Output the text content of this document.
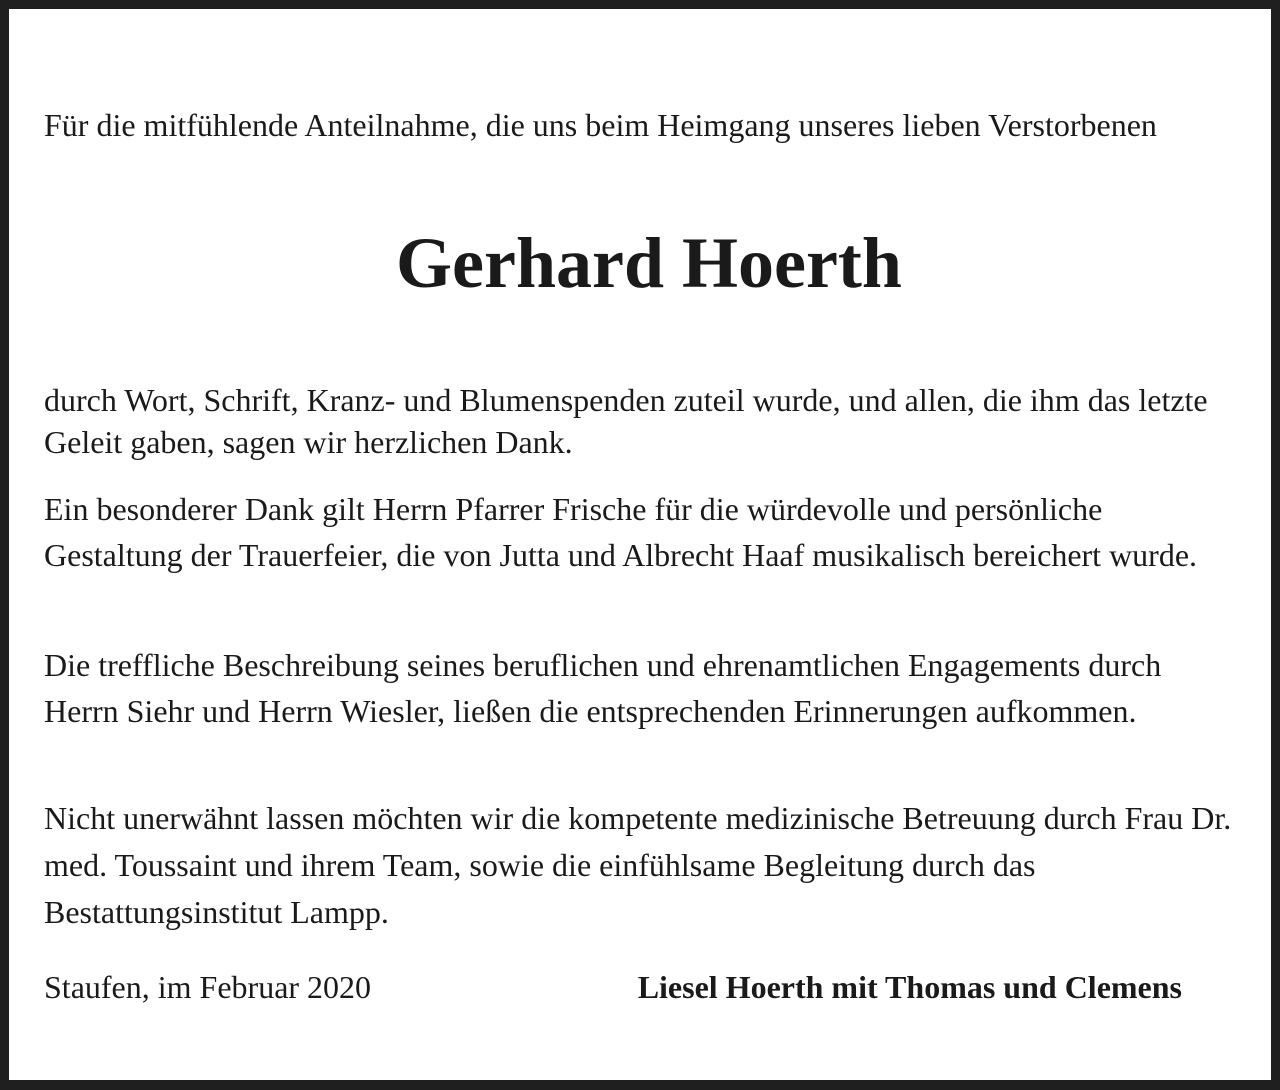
Für die mitfühlende Anteilnahme, die uns beim Heimgang unseres lieben Verstorbenen

Gerhard Hoerth

durch Wort, Schrift, Kranz- und Blumenspenden zuteil wurde, und allen, die ihm das letzte Geleit gaben, sagen wir herzlichen Dank.

Ein besonderer Dank gilt Herrn Pfarrer Frische für die würdevolle und persönliche Gestaltung der Trauerfeier, die von Jutta und Albrecht Haaf musikalisch bereichert wurde.

Die treffliche Beschreibung seines beruflichen und ehrenamtlichen Engagements durch Herrn Siehr und Herrn Wiesler, ließen die entsprechenden Erinnerungen aufkommen.

Nicht unerwähnt lassen möchten wir die kompetente medizinische Betreuung durch Frau Dr. med. Toussaint und ihrem Team, sowie die einfühlsame Begleitung durch das Bestattungsinstitut Lampp.

Staufen, im Februar 2020	Liesel Hoerth mit Thomas und Clemens
